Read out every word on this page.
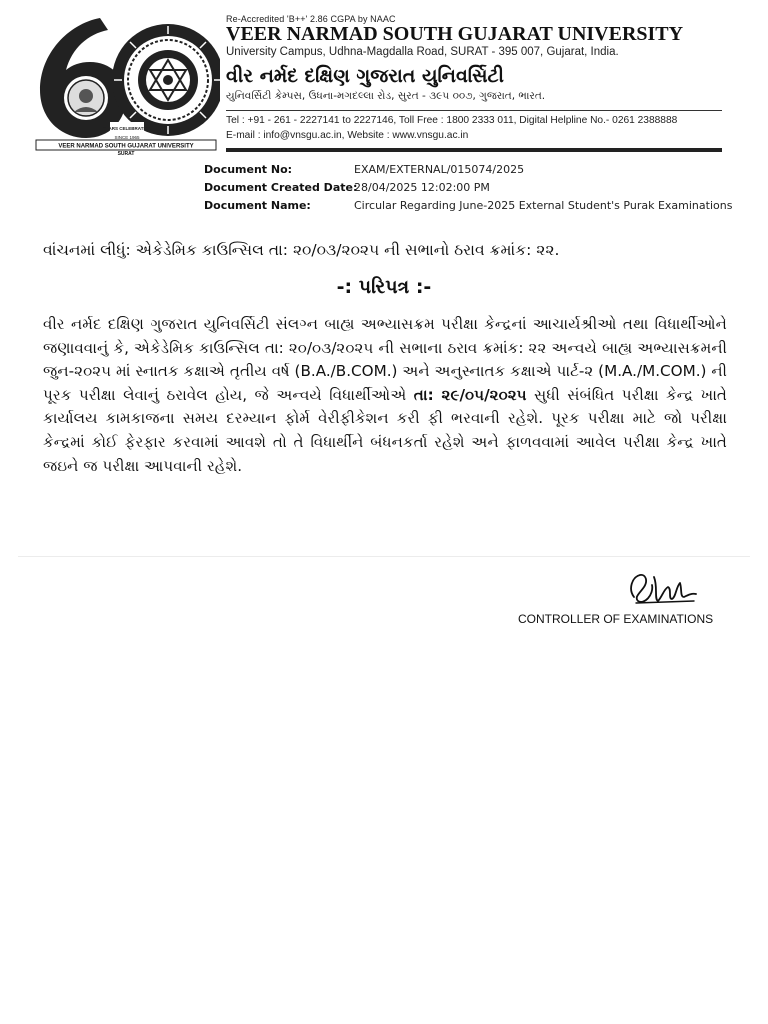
YEARS CELEBRATION
SINCE 1965
VEER NARMAD SOUTH GUJARAT UNIVERSITY
SURAT
Re-Accredited 'B++' 2.86 CGPA by NAAC
VEER NARMAD SOUTH GUJARAT UNIVERSITY
University Campus, Udhna-Magdalla Road, SURAT - 395 007, Gujarat, India.
વીર નર્મદ દક્ષિણ ગુજરાત યુનિવર્સિટી
યુનિવર્સિટી કેમ્પસ, ઉધના-મગદલ્લા રોડ, સુરત - ૩૯૫ ૦૦૭, ગુજરાત, ભારત.
Tel : +91 - 261 - 2227141 to 2227146, Toll Free : 1800 2333 011, Digital Helpline No.- 0261 2388888
E-mail : info@vnsgu.ac.in, Website : www.vnsgu.ac.in
Document No:	EXAM/EXTERNAL/015074/2025
Document Created Date:
28/04/2025 12:02:00 PM
Document Name:	Circular Regarding June-2025 External Student's Purak Examinations
વાંચનમાં લીધું: એકેડેમિક કાઉન્સિલ તા: ૨૦/૦૩/૨૦૨૫ ની સભાનો ઠરાવ ક્રમાંક: ૨૨.
-: પરિપત્ર :-
વીર નર્મદ દક્ષિણ ગુજરાત યુનિવર્સિટી સંલગ્ન બાહ્ય અભ્યાસક્રમ પરીક્ષા કેન્દ્રનાં આચાર્યશ્રીઓ તથા વિધાર્થીઓને જણાવવાનું કે, એકેડેમિક કાઉન્સિલ તા: ૨૦/૦૩/૨૦૨૫ ની સભાના ઠરાવ ક્રમાંક: ૨૨ અન્વયે બાહ્ય અભ્યાસક્રમની જુન-૨૦૨૫ માં સ્નાતક કક્ષાએ તૃતીય વર્ષ (B.A./B.COM.) અને અનુસ્નાતક કક્ષાએ પાર્ટ-૨ (M.A./M.COM.) ની પૂરક પરીક્ષા લેવાનું ઠરાવેલ હોય, જે અન્વયે વિધાર્થીઓએ તા: ૨૯/૦૫/૨૦૨૫ સુધી સંબંધિત પરીક્ષા કેન્દ્ર ખાતે કાર્યાલય કામકાજના સમય દરમ્યાન ફોર્મ વેરીફીકેશન કરી ફી ભરવાની રહેશે. પૂરક પરીક્ષા માટે જો પરીક્ષા કેન્દ્રમાં કોઈ ફેરફાર કરવામાં આવશે તો તે વિધાર્થીને બંધનકર્તા રહેશે અને ફાળવવામાં આવેલ પરીક્ષા કેન્દ્ર ખાતે જઇને જ પરીક્ષા આપવાની રહેશે.
CONTROLLER OF EXAMINATIONS
